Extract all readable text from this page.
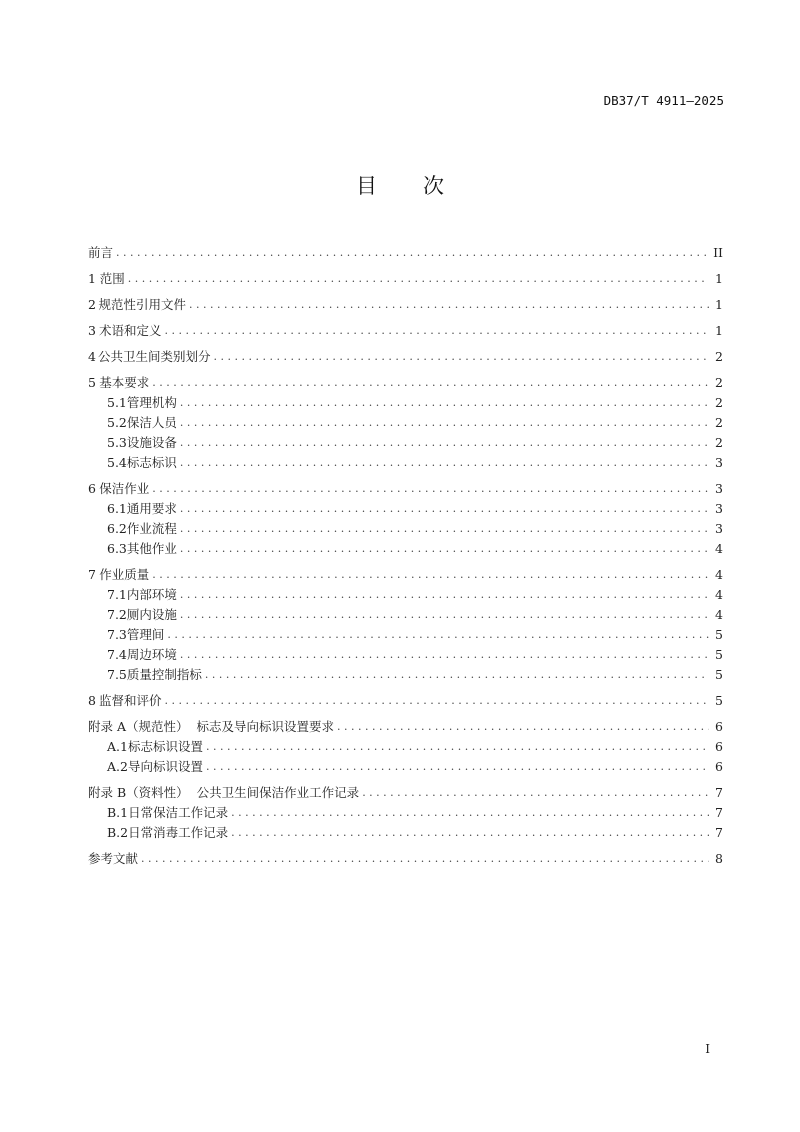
DB37/T 4911—2025
目 次
前言 . . .	II
1 范围 . . .	1
2 规范性引用文件 . . .	1
3 术语和定义 . . .	1
4 公共卫生间类别划分 . . .	2
5 基本要求 . . .	2
5.1 管理机构 . . .	2
5.2 保洁人员 . . .	2
5.3 设施设备 . . .	2
5.4 标志标识 . . .	3
6 保洁作业 . . .	3
6.1 通用要求 . . .	3
6.2 作业流程 . . .	3
6.3 其他作业 . . .	4
7 作业质量 . . .	4
7.1 内部环境 . . .	4
7.2 厕内设施 . . .	4
7.3 管理间 . . .	5
7.4 周边环境 . . .	5
7.5 质量控制指标 . . .	5
8 监督和评价 . . .	5
附录 A（规范性） 标志及导向标识设置要求 . . .	6
A.1 标志标识设置 . . .	6
A.2 导向标识设置 . . .	6
附录 B（资料性） 公共卫生间保洁作业工作记录 . . .	7
B.1 日常保洁工作记录 . . .	7
B.2 日常消毒工作记录 . . .	7
参考文献 . . .	8
I
